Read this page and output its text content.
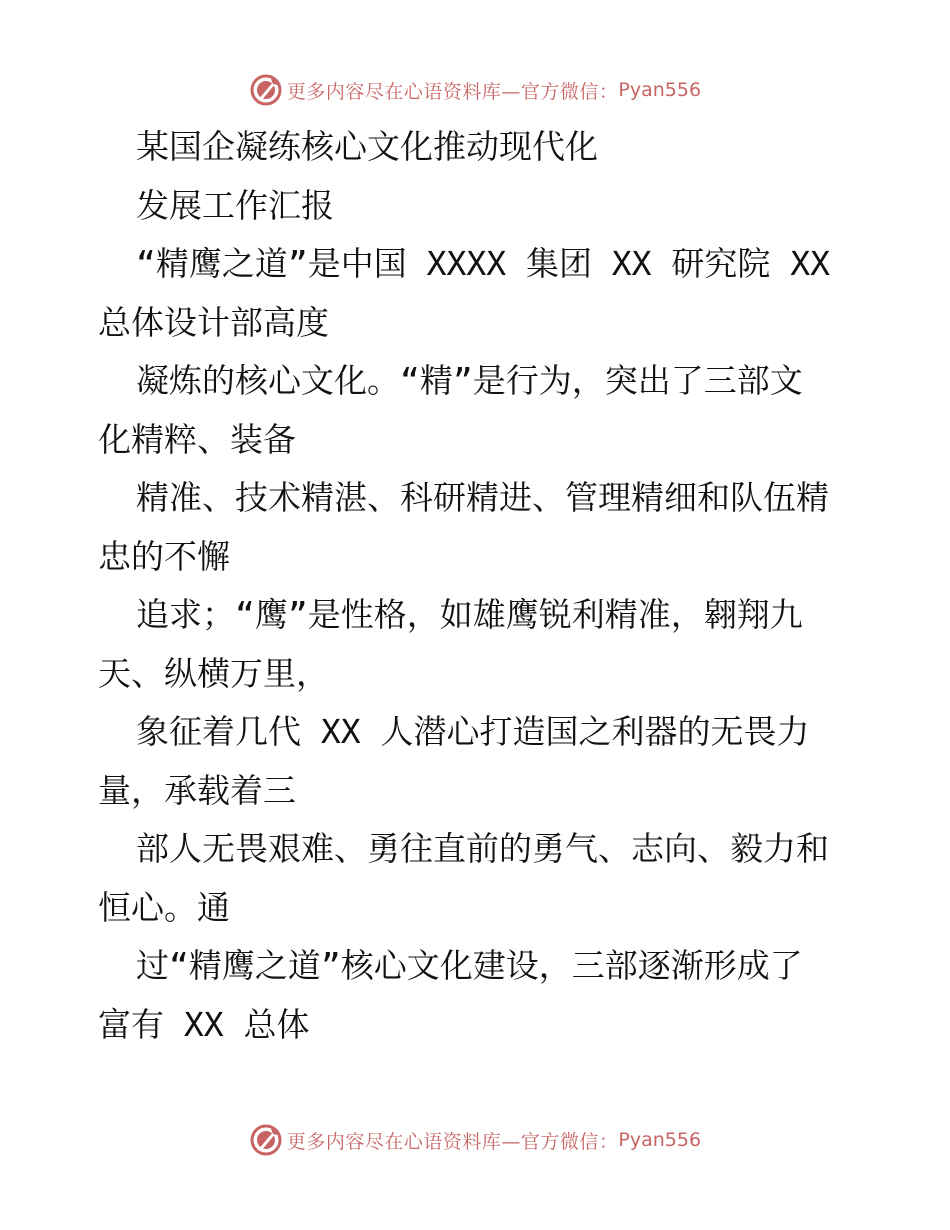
更多内容尽在心语资料库—官方微信： Pyan556
某国企凝练核心文化推动现代化
发展工作汇报
“精鹰之道”是中国 XXXX 集团 XX 研究院 XX
总体设计部高度
凝炼的核心文化。“精”是行为，突出了三部文
化精粹、装备
精准、技术精湛、科研精进、管理精细和队伍精
忠的不懈
追求；“鹰”是性格，如雄鹰锐利精准，翱翔九
天、纵横万里，
象征着几代 XX 人潜心打造国之利器的无畏力
量，承载着三
部人无畏艰难、勇往直前的勇气、志向、毅力和
恒心。通
过“精鹰之道”核心文化建设，三部逐渐形成了
富有 XX 总体
更多内容尽在心语资料库—官方微信： Pyan556
